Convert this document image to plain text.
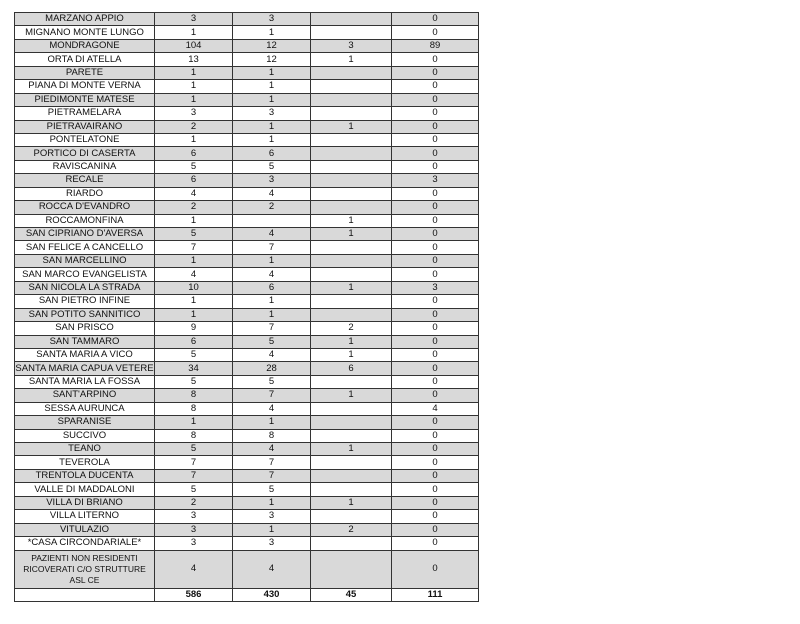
MARZANO APPIO	3	3		0
MIGNANO MONTE LUNGO	1	1		0
MONDRAGONE	104	12	3	89
ORTA DI ATELLA	13	12	1	0
PARETE	1	1		0
PIANA DI MONTE VERNA	1	1		0
PIEDIMONTE MATESE	1	1		0
PIETRAMELARA	3	3		0
PIETRAVAIRANO	2	1	1	0
PONTELATONE	1	1		0
PORTICO DI CASERTA	6	6		0
RAVISCANINA	5	5		0
RECALE	6	3		3
RIARDO	4	4		0
ROCCA D'EVANDRO	2	2		0
ROCCAMONFINA	1		1	0
SAN CIPRIANO D'AVERSA	5	4	1	0
SAN FELICE A CANCELLO	7	7		0
SAN MARCELLINO	1	1		0
SAN MARCO EVANGELISTA	4	4		0
SAN NICOLA LA STRADA	10	6	1	3
SAN PIETRO INFINE	1	1		0
SAN POTITO SANNITICO	1	1		0
SAN PRISCO	9	7	2	0
SAN TAMMARO	6	5	1	0
SANTA MARIA A VICO	5	4	1	0
SANTA MARIA CAPUA VETERE	34	28	6	0
SANTA MARIA LA FOSSA	5	5		0
SANT'ARPINO	8	7	1	0
SESSA AURUNCA	8	4		4
SPARANISE	1	1		0
SUCCIVO	8	8		0
TEANO	5	4	1	0
TEVEROLA	7	7		0
TRENTOLA DUCENTA	7	7		0
VALLE DI MADDALONI	5	5		0
VILLA DI BRIANO	2	1	1	0
VILLA LITERNO	3	3		0
VITULAZIO	3	1	2	0
*CASA CIRCONDARIALE*	3	3		0
PAZIENTI NON RESIDENTI RICOVERATI C/O STRUTTURE ASL CE	4	4		0
	586	430	45	111
